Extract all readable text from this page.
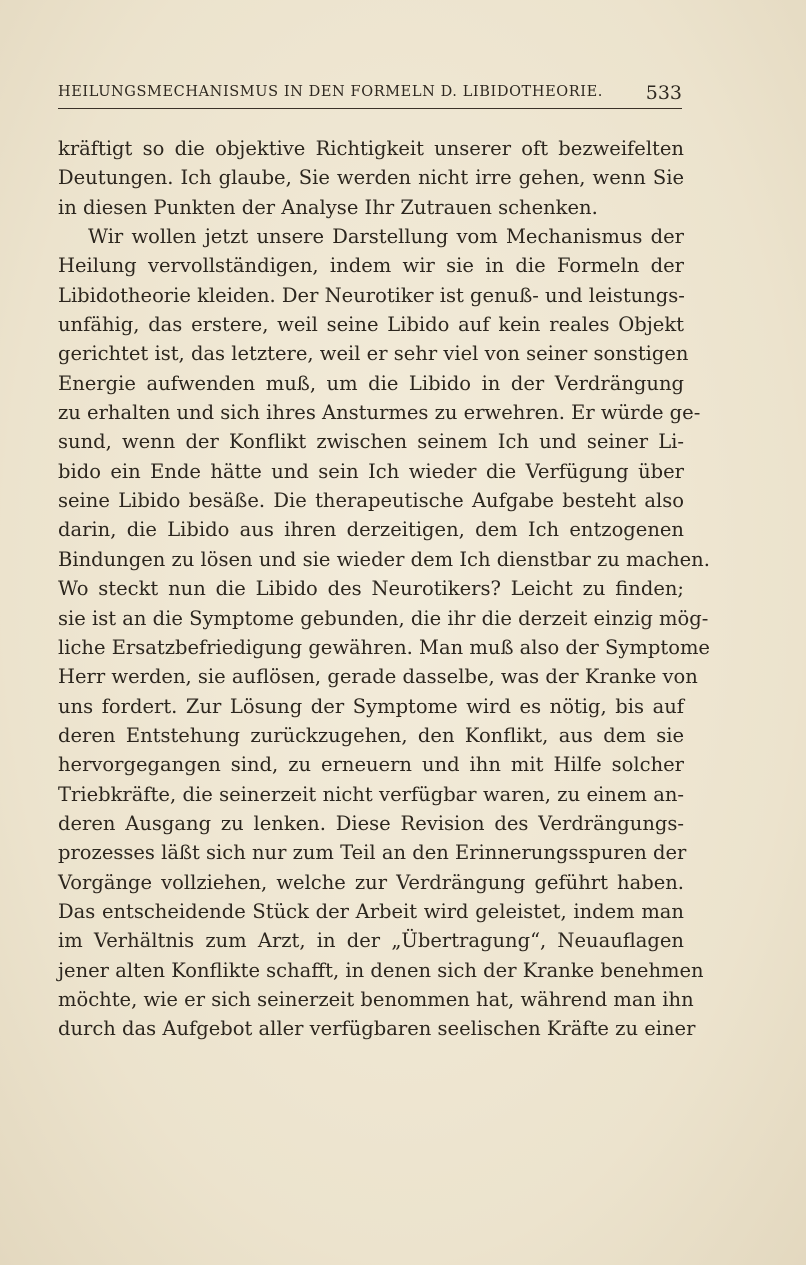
HEILUNGSMECHANISMUS IN DEN FORMELN D. LIBIDOTHEORIE. 533
kräftigt so die objektive Richtigkeit unserer oft bezweifelten
Deutungen. Ich glaube, Sie werden nicht irre gehen, wenn Sie
in diesen Punkten der Analyse Ihr Zutrauen schenken.
Wir wollen jetzt unsere Darstellung vom Mechanismus der
Heilung vervollständigen, indem wir sie in die Formeln der
Libidotheorie kleiden. Der Neurotiker ist genuß- und leistungs-
unfähig, das erstere, weil seine Libido auf kein reales Objekt
gerichtet ist, das letztere, weil er sehr viel von seiner sonstigen
Energie aufwenden muß, um die Libido in der Verdrängung
zu erhalten und sich ihres Ansturmes zu erwehren. Er würde ge-
sund, wenn der Konflikt zwischen seinem Ich und seiner Li-
bido ein Ende hätte und sein Ich wieder die Verfügung über
seine Libido besäße. Die therapeutische Aufgabe besteht also
darin, die Libido aus ihren derzeitigen, dem Ich entzogenen
Bindungen zu lösen und sie wieder dem Ich dienstbar zu machen.
Wo steckt nun die Libido des Neurotikers? Leicht zu finden;
sie ist an die Symptome gebunden, die ihr die derzeit einzig mög-
liche Ersatzbefriedigung gewähren. Man muß also der Symptome
Herr werden, sie auflösen, gerade dasselbe, was der Kranke von
uns fordert. Zur Lösung der Symptome wird es nötig, bis auf
deren Entstehung zurückzugehen, den Konflikt, aus dem sie
hervorgegangen sind, zu erneuern und ihn mit Hilfe solcher
Triebkräfte, die seinerzeit nicht verfügbar waren, zu einem an-
deren Ausgang zu lenken. Diese Revision des Verdrängungs-
prozesses läßt sich nur zum Teil an den Erinnerungsspuren der
Vorgänge vollziehen, welche zur Verdrängung geführt haben.
Das entscheidende Stück der Arbeit wird geleistet, indem man
im Verhältnis zum Arzt, in der „Übertragung“, Neuauflagen
jener alten Konflikte schafft, in denen sich der Kranke benehmen
möchte, wie er sich seinerzeit benommen hat, während man ihn
durch das Aufgebot aller verfügbaren seelischen Kräfte zu einer
